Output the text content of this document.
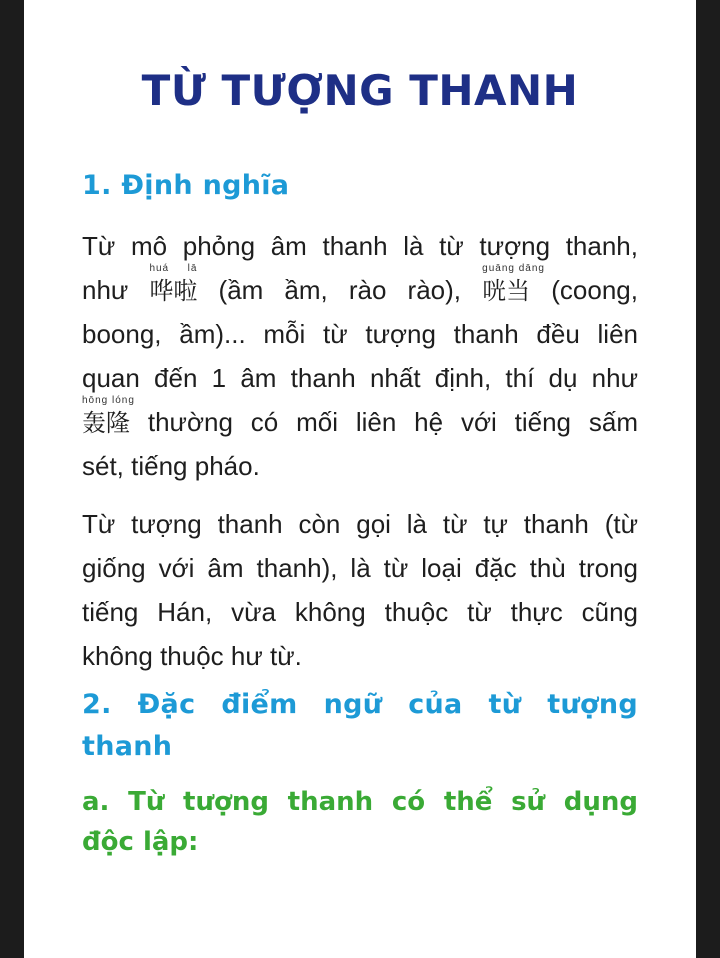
TỪ TƯỢNG THANH
1. Định nghĩa
Từ mô phỏng âm thanh là từ tượng thanh,
như
huá lā
哗啦 (ầm ầm, rào rào),
guāng dāng
咣当 (coong,
boong, ầm)... mỗi từ tượng thanh đều liên
quan đến 1 âm thanh nhất định, thí dụ như
hōng lóng
轰隆 thường có mối liên hệ với tiếng sấm
sét, tiếng pháo.
Từ tượng thanh còn gọi là từ tự thanh (từ
giống với âm thanh), là từ loại đặc thù trong
tiếng Hán, vừa không thuộc từ thực cũng
không thuộc hư từ.
2. Đặc điểm ngữ của từ tượng
thanh
a. Từ tượng thanh có thể sử dụng
độc lập:
